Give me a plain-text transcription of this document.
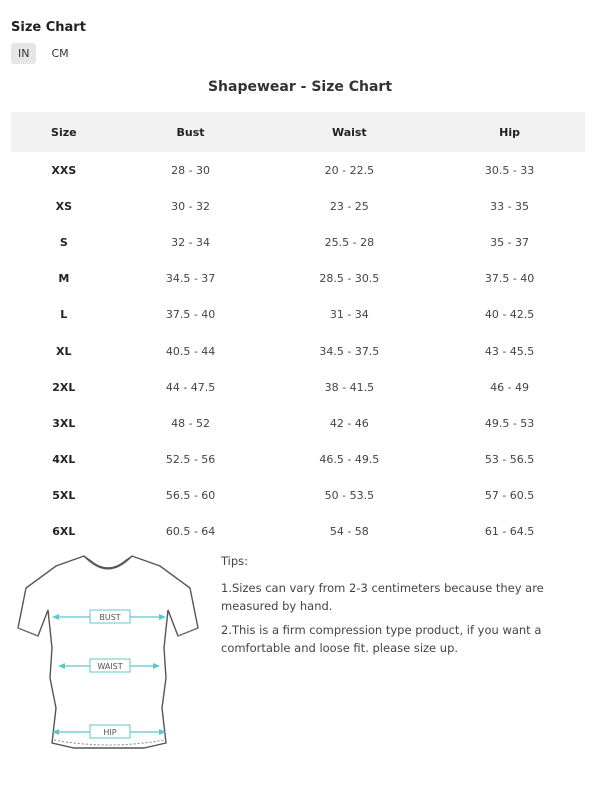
Size Chart
IN	CM
Shapewear - Size Chart
Size	Bust	Waist	Hip
XXS	28 - 30	20 - 22.5	30.5 - 33
XS	30 - 32	23 - 25	33 - 35
S	32 - 34	25.5 - 28	35 - 37
M	34.5 - 37	28.5 - 30.5	37.5 - 40
L	37.5 - 40	31 - 34	40 - 42.5
XL	40.5 - 44	34.5 - 37.5	43 - 45.5
2XL	44 - 47.5	38 - 41.5	46 - 49
3XL	48 - 52	42 - 46	49.5 - 53
4XL	52.5 - 56	46.5 - 49.5	53 - 56.5
5XL	56.5 - 60	50 - 53.5	57 - 60.5
6XL	60.5 - 64	54 - 58	61 - 64.5
BUST
WAIST
HIP
Tips:

1.Sizes can vary from 2-3 centimeters because they are measured by hand.

2.This is a firm compression type product, if you want a comfortable and loose fit. please size up.
